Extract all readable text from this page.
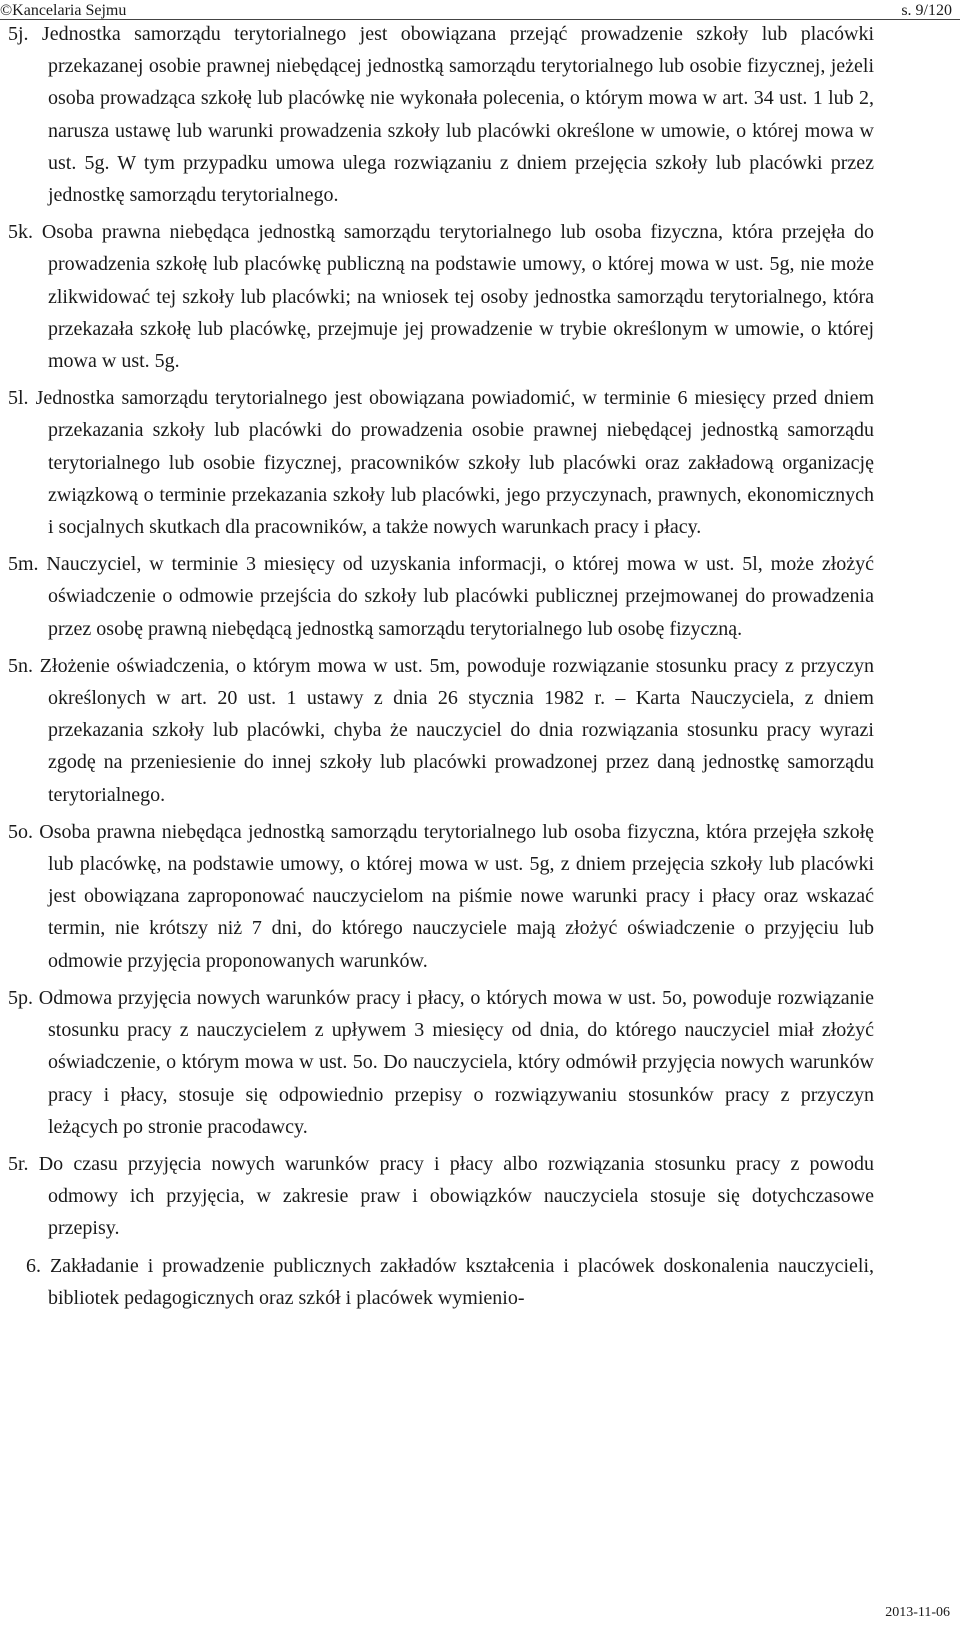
©Kancelaria Sejmu	s. 9/120

5j. Jednostka samorządu terytorialnego jest obowiązana przejąć prowadzenie szkoły lub placówki przekazanej osobie prawnej niebędącej jednostką samorządu terytorialnego lub osobie fizycznej, jeżeli osoba prowadząca szkołę lub placówkę nie wykonała polecenia, o którym mowa w art. 34 ust. 1 lub 2, narusza ustawę lub warunki prowadzenia szkoły lub placówki określone w umowie, o której mowa w ust. 5g. W tym przypadku umowa ulega rozwiązaniu z dniem przejęcia szkoły lub placówki przez jednostkę samorządu terytorialnego.

5k. Osoba prawna niebędąca jednostką samorządu terytorialnego lub osoba fizyczna, która przejęła do prowadzenia szkołę lub placówkę publiczną na podstawie umowy, o której mowa w ust. 5g, nie może zlikwidować tej szkoły lub placówki; na wniosek tej osoby jednostka samorządu terytorialnego, która przekazała szkołę lub placówkę, przejmuje jej prowadzenie w trybie określonym w umowie, o której mowa w ust. 5g.

5l. Jednostka samorządu terytorialnego jest obowiązana powiadomić, w terminie 6 miesięcy przed dniem przekazania szkoły lub placówki do prowadzenia osobie prawnej niebędącej jednostką samorządu terytorialnego lub osobie fizycznej, pracowników szkoły lub placówki oraz zakładową organizację związkową o terminie przekazania szkoły lub placówki, jego przyczynach, prawnych, ekonomicznych i socjalnych skutkach dla pracowników, a także nowych warunkach pracy i płacy.

5m. Nauczyciel, w terminie 3 miesięcy od uzyskania informacji, o której mowa w ust. 5l, może złożyć oświadczenie o odmowie przejścia do szkoły lub placówki publicznej przejmowanej do prowadzenia przez osobę prawną niebędącą jednostką samorządu terytorialnego lub osobę fizyczną.

5n. Złożenie oświadczenia, o którym mowa w ust. 5m, powoduje rozwiązanie stosunku pracy z przyczyn określonych w art. 20 ust. 1 ustawy z dnia 26 stycznia 1982 r. – Karta Nauczyciela, z dniem przekazania szkoły lub placówki, chyba że nauczyciel do dnia rozwiązania stosunku pracy wyrazi zgodę na przeniesienie do innej szkoły lub placówki prowadzonej przez daną jednostkę samorządu terytorialnego.

5o. Osoba prawna niebędąca jednostką samorządu terytorialnego lub osoba fizyczna, która przejęła szkołę lub placówkę, na podstawie umowy, o której mowa w ust. 5g, z dniem przejęcia szkoły lub placówki jest obowiązana zaproponować nauczycielom na piśmie nowe warunki pracy i płacy oraz wskazać termin, nie krótszy niż 7 dni, do którego nauczyciele mają złożyć oświadczenie o przyjęciu lub odmowie przyjęcia proponowanych warunków.

5p. Odmowa przyjęcia nowych warunków pracy i płacy, o których mowa w ust. 5o, powoduje rozwiązanie stosunku pracy z nauczycielem z upływem 3 miesięcy od dnia, do którego nauczyciel miał złożyć oświadczenie, o którym mowa w ust. 5o. Do nauczyciela, który odmówił przyjęcia nowych warunków pracy i płacy, stosuje się odpowiednio przepisy o rozwiązywaniu stosunków pracy z przyczyn leżących po stronie pracodawcy.

5r. Do czasu przyjęcia nowych warunków pracy i płacy albo rozwiązania stosunku pracy z powodu odmowy ich przyjęcia, w zakresie praw i obowiązków nauczyciela stosuje się dotychczasowe przepisy.

6. Zakładanie i prowadzenie publicznych zakładów kształcenia i placówek doskonalenia nauczycieli, bibliotek pedagogicznych oraz szkół i placówek wymienio-

2013-11-06
